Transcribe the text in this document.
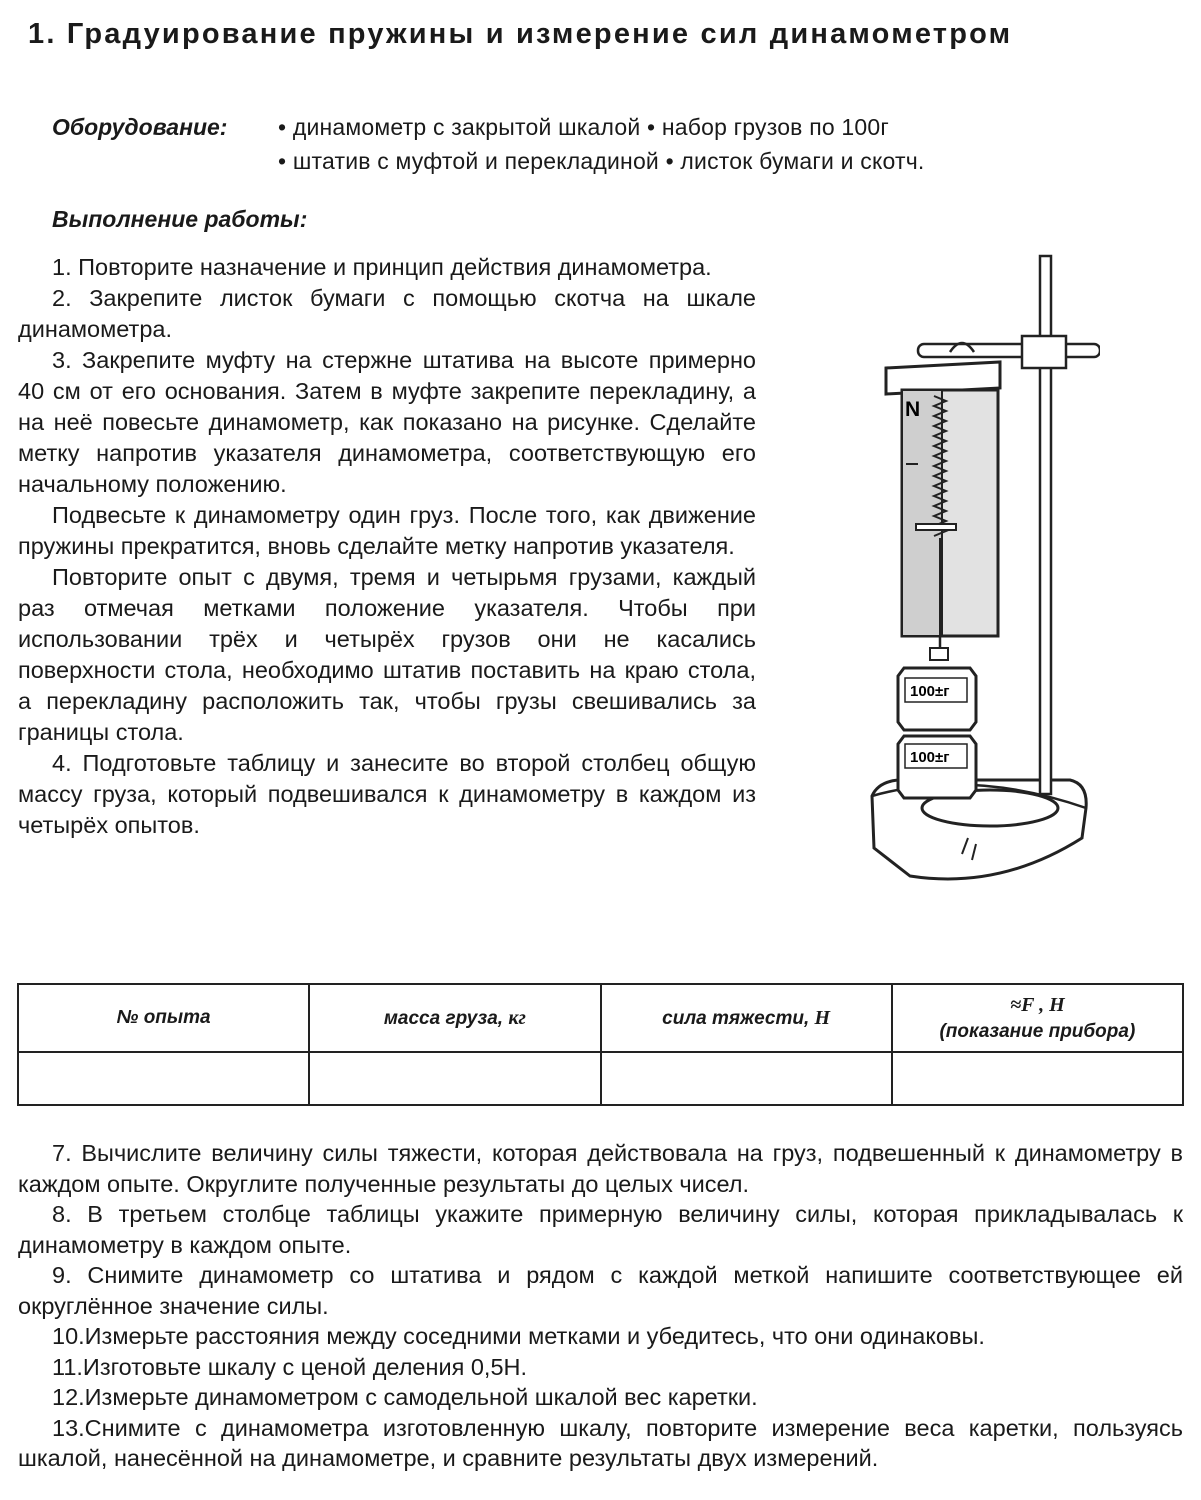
1. Градуирование пружины и измерение сил динамометром
Оборудование: • динамометр с закрытой шкалой • набор грузов по 100г
• штатив с муфтой и перекладиной • листок бумаги и скотч.
Выполнение работы:

1. Повторите назначение и принцип действия динамометра.

2. Закрепите листок бумаги с помощью скотча на шкале динамометра.

3. Закрепите муфту на стержне штатива на высоте примерно 40 см от его основания. Затем в муфте закрепите перекладину, а на неё повесьте динамометр, как показано на рисунке. Сделайте метку напротив указателя динамометра, соответствующую его начальному положению.

Подвесьте к динамометру один груз. После того, как движение пружины прекратится, вновь сделайте метку напротив указателя.

Повторите опыт с двумя, тремя и четырьмя грузами, каждый раз отмечая метками положение указателя. Чтобы при использовании трёх и четырёх грузов они не касались поверхности стола, необходимо штатив поставить на краю стола, а перекладину расположить так, чтобы грузы свешивались за границы стола.

4. Подготовьте таблицу и занесите во второй столбец общую массу груза, который подвешивался к динамометру в каждом из четырёх опытов.

N
100±г
100±г
№ опыта	масса груза, кг	сила тяжести, Н	≈F , Н
(показание прибора)

7. Вычислите величину силы тяжести, которая действовала на груз, подвешенный к динамометру в каждом опыте. Округлите полученные результаты до целых чисел.

8. В третьем столбце таблицы укажите примерную величину силы, которая прикладывалась к динамометру в каждом опыте.

9. Снимите динамометр со штатива и рядом с каждой меткой напишите соответствующее ей округлённое значение силы.

10.Измерьте расстояния между соседними метками и убедитесь, что они одинаковы.

11.Изготовьте шкалу с ценой деления 0,5Н.

12.Измерьте динамометром с самодельной шкалой вес каретки.

13.Снимите с динамометра изготовленную шкалу, повторите измерение веса каретки, пользуясь шкалой, нанесённой на динамометре, и сравните результаты двух измерений.
